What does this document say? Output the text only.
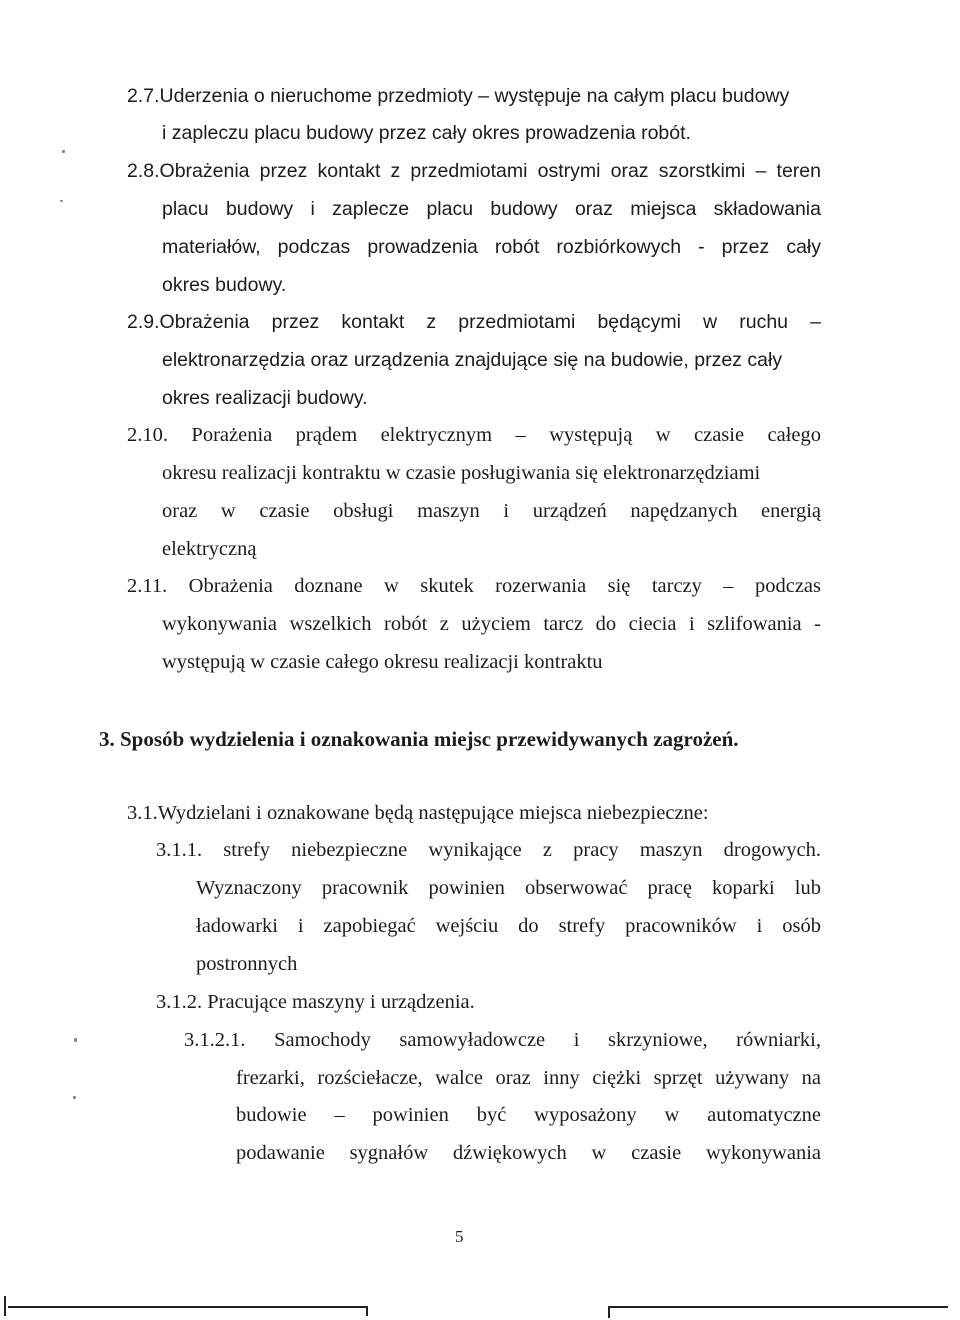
2.7.Uderzenia o nieruchome przedmioty – występuje na całym placu budowy
i zapleczu placu budowy przez cały okres prowadzenia robót.
2.8.Obrażenia przez kontakt z przedmiotami ostrymi oraz szorstkimi – teren
placu budowy i zaplecze placu budowy oraz miejsca składowania
materiałów, podczas prowadzenia robót rozbiórkowych - przez cały
okres budowy.
2.9.Obrażenia przez kontakt z przedmiotami będącymi w ruchu –
elektronarzędzia oraz urządzenia znajdujące się na budowie, przez cały
okres realizacji budowy.
2.10. Porażenia prądem elektrycznym – występują w czasie całego
okresu realizacji kontraktu w czasie posługiwania się elektronarzędziami
oraz w czasie obsługi maszyn i urządzeń napędzanych energią
elektryczną
2.11. Obrażenia doznane w skutek rozerwania się tarczy – podczas
wykonywania wszelkich robót z użyciem tarcz do ciecia i szlifowania -
występują w czasie całego okresu realizacji kontraktu
3. Sposób wydzielenia i oznakowania miejsc przewidywanych zagrożeń.
3.1.Wydzielani i oznakowane będą następujące miejsca niebezpieczne:
3.1.1. strefy niebezpieczne wynikające z pracy maszyn drogowych.
Wyznaczony pracownik powinien obserwować pracę koparki lub
ładowarki i zapobiegać wejściu do strefy pracowników i osób
postronnych
3.1.2. Pracujące maszyny i urządzenia.
3.1.2.1. Samochody samowyładowcze i skrzyniowe, równiarki,
frezarki, rozściełacze, walce oraz inny ciężki sprzęt używany na
budowie – powinien być wyposażony w automatyczne
podawanie sygnałów dźwiękowych w czasie wykonywania
5
